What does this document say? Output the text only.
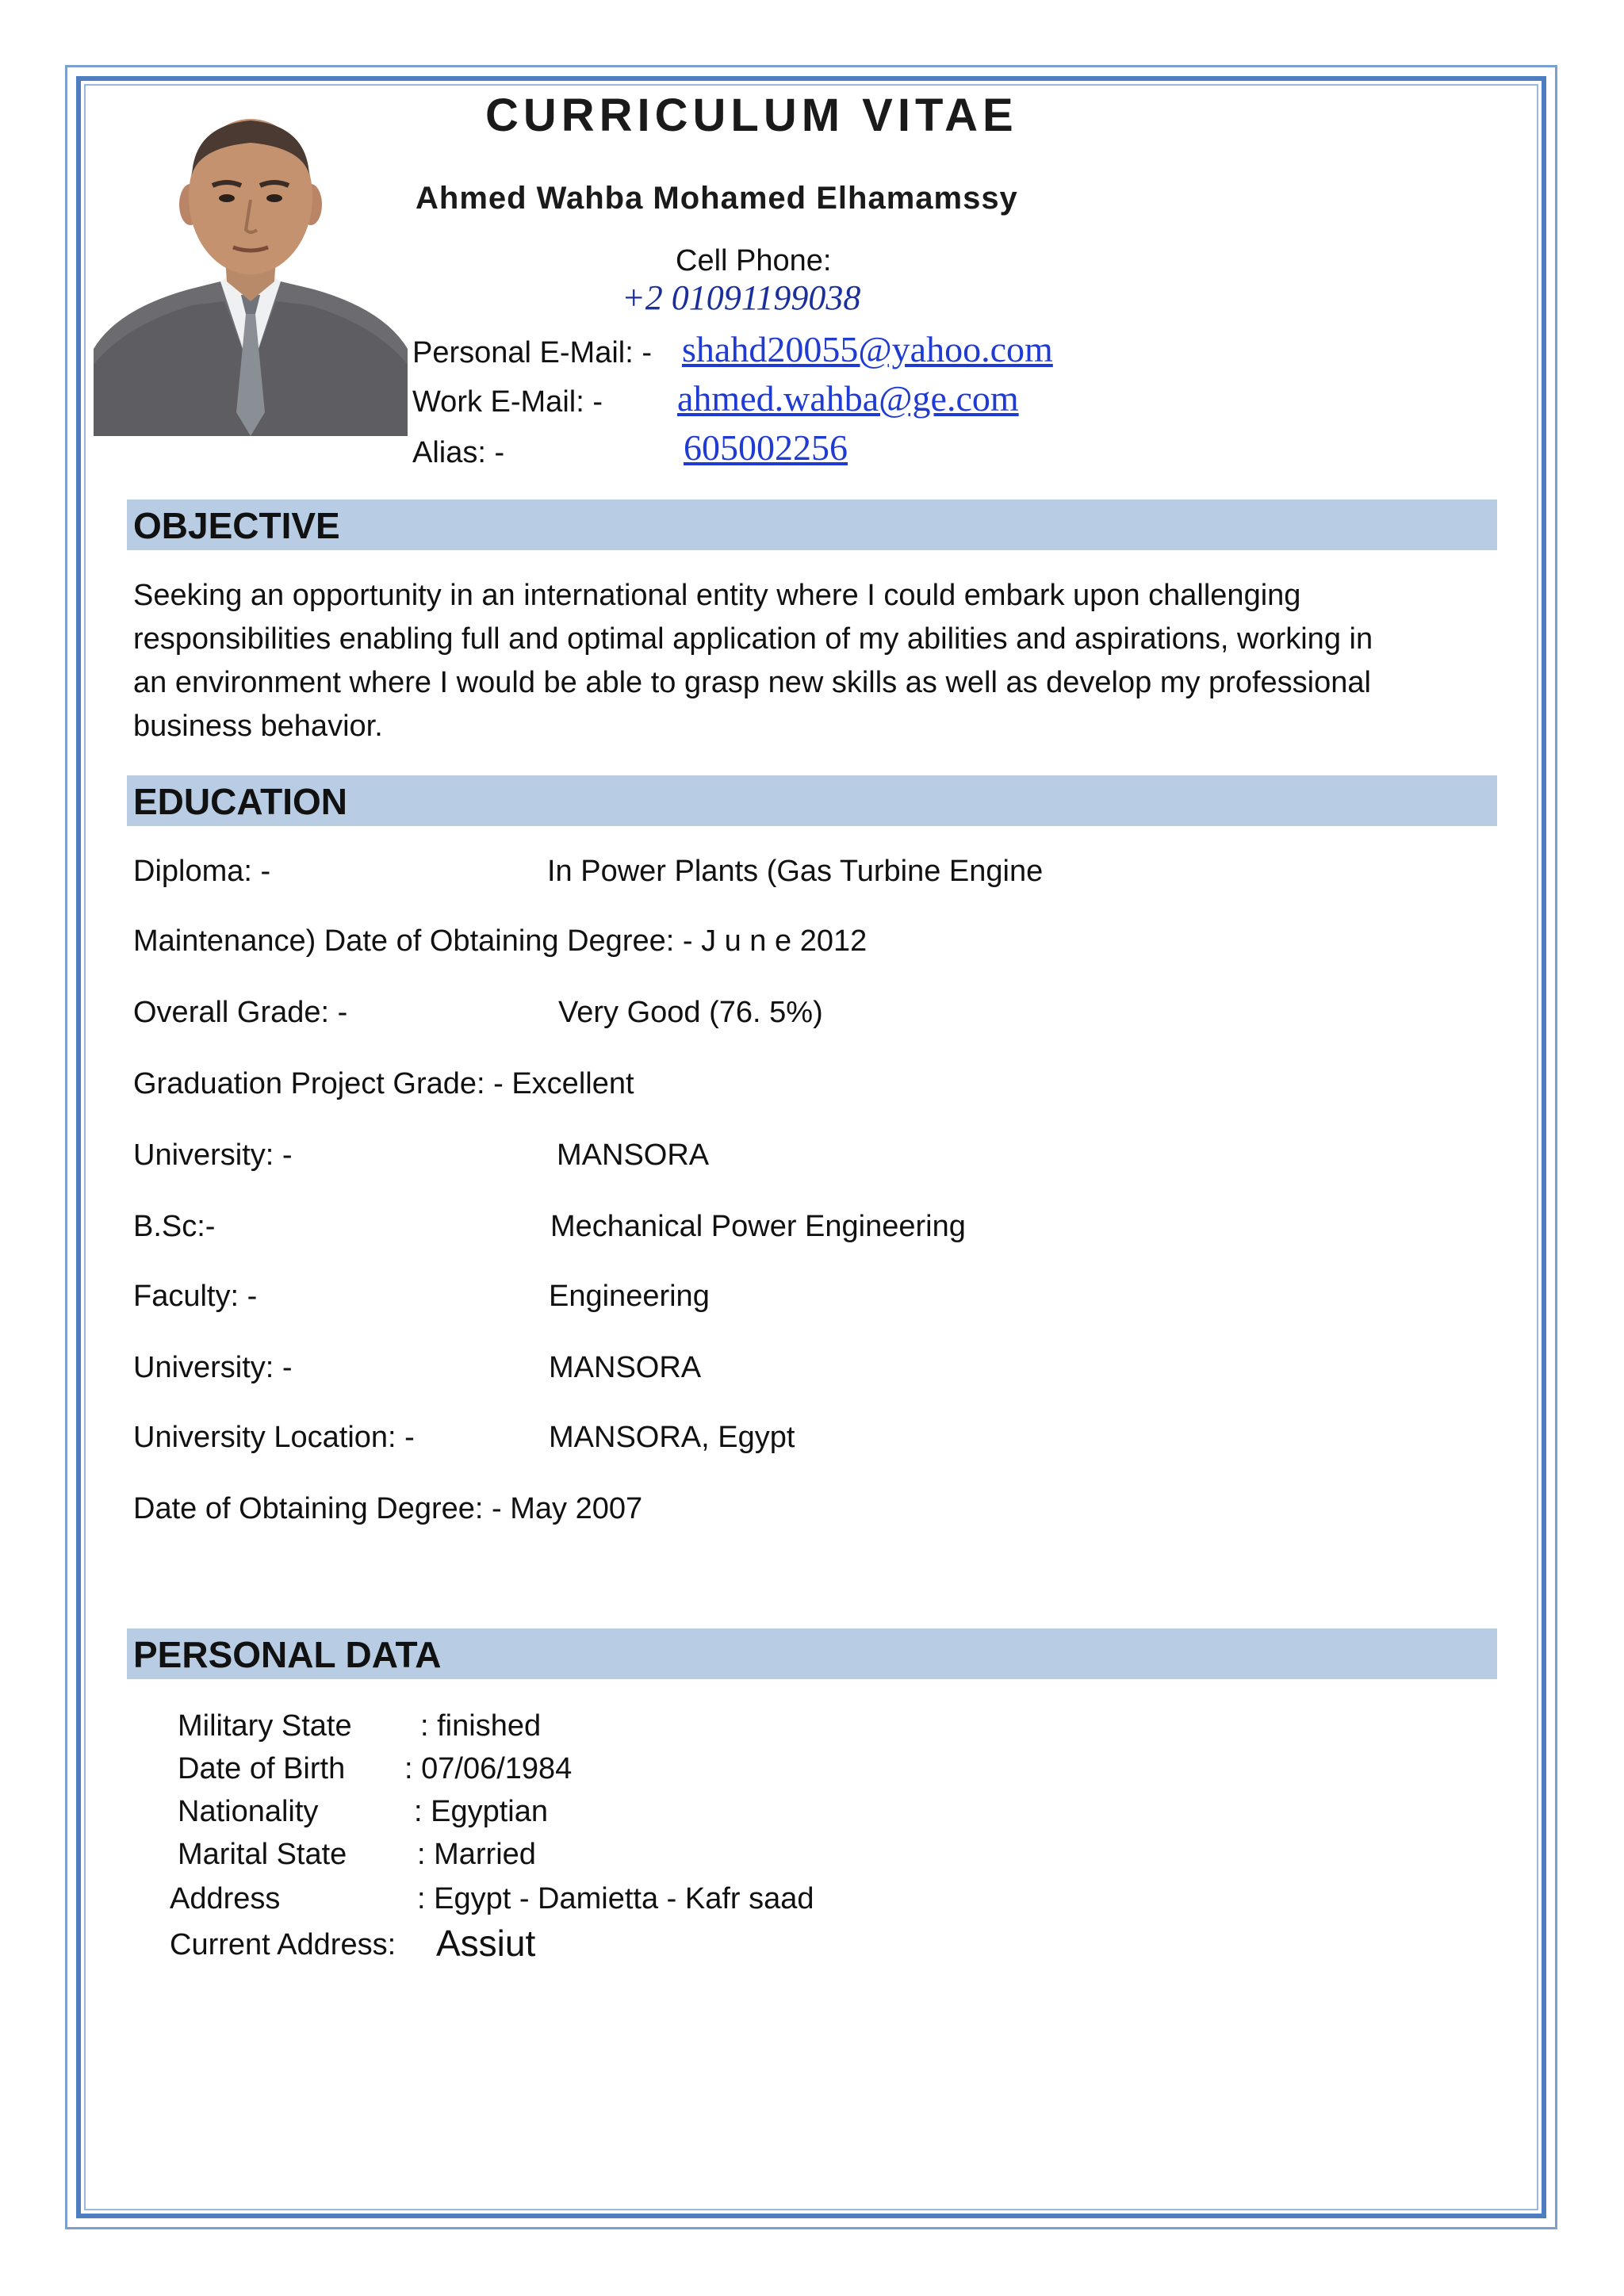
CURRICULUM VITAE
Ahmed Wahba Mohamed Elhamamssy
Cell Phone:
+2 01091199038
Personal E-Mail: - shahd20055@yahoo.com
Work E-Mail: - ahmed.wahba@ge.com
Alias: -	605002256
OBJECTIVE
Seeking an opportunity in an international entity where I could embark upon challenging
responsibilities enabling full and optimal application of my abilities and aspirations, working in
an environment where I would be able to grasp new skills as well as develop my professional
business behavior.
EDUCATION
Diploma: -	In Power Plants (Gas Turbine Engine
Maintenance) Date of Obtaining Degree: - J u n e 2012
Overall Grade: -	Very Good (76. 5%)
Graduation Project Grade: - Excellent
University: -	MANSORA
B.Sc:-	Mechanical Power Engineering
Faculty: -	Engineering
University: -	MANSORA
University Location: -	MANSORA, Egypt
Date of Obtaining Degree: - May 2007
PERSONAL DATA
Military State : finished
Date of Birth : 07/06/1984
Nationality	: Egyptian
Marital State : Married
Address	: Egypt - Damietta - Kafr saad
Current Address: Assiut
